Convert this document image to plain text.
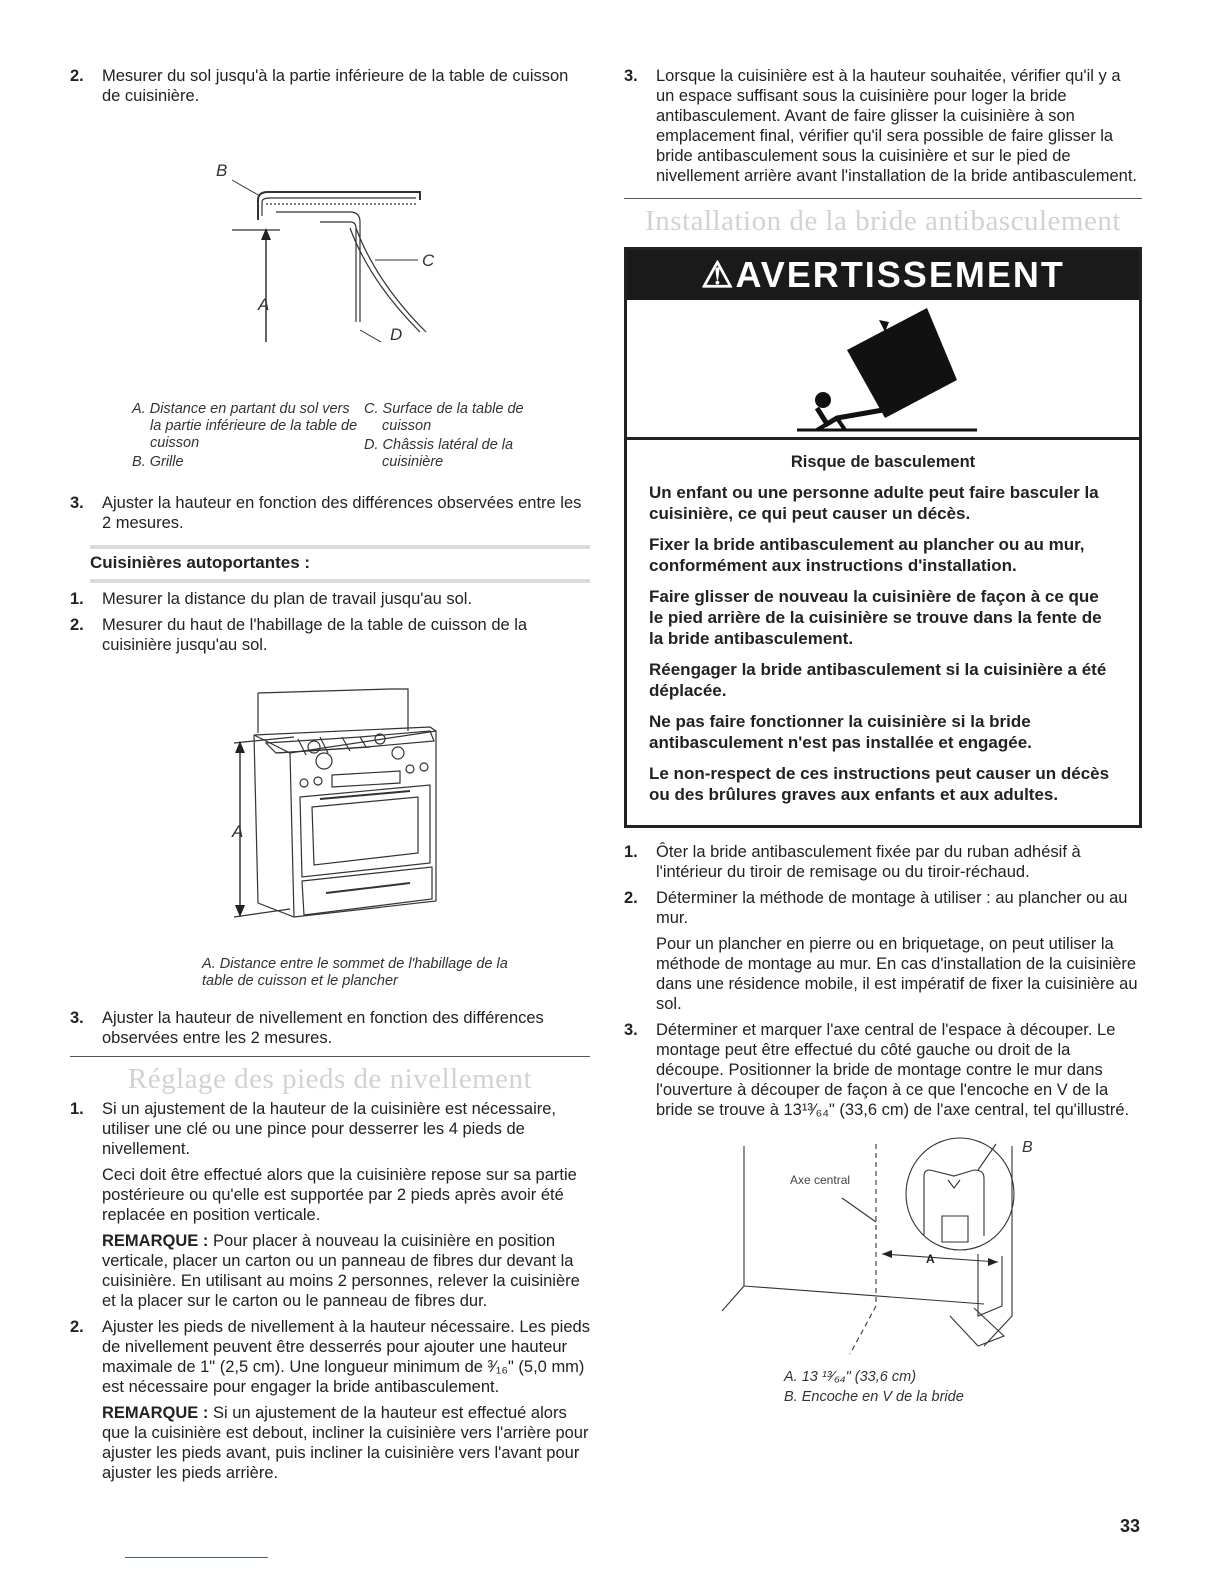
2.	Mesurer du sol jusqu'à la partie inférieure de la table de cuisson de cuisinière.
B
C
A
D
A. Distance en partant du sol vers la partie inférieure de la table de cuisson
B. Grille
C. Surface de la table de cuisson
D. Châssis latéral de la cuisinière
3.	Ajuster la hauteur en fonction des différences observées entre les 2 mesures.
Cuisinières autoportantes :
1.	Mesurer la distance du plan de travail jusqu'au sol.
2.	Mesurer du haut de l'habillage de la table de cuisson de la cuisinière jusqu'au sol.
A
A. Distance entre le sommet de l'habillage de la table de cuisson et le plancher
3.	Ajuster la hauteur de nivellement en fonction des différences observées entre les 2 mesures.
Réglage des pieds de nivellement
1.	Si un ajustement de la hauteur de la cuisinière est nécessaire, utiliser une clé ou une pince pour desserrer les 4 pieds de nivellement.
Ceci doit être effectué alors que la cuisinière repose sur sa partie postérieure ou qu'elle est supportée par 2 pieds après avoir été replacée en position verticale.
REMARQUE : Pour placer à nouveau la cuisinière en position verticale, placer un carton ou un panneau de fibres dur devant la cuisinière. En utilisant au moins 2 personnes, relever la cuisinière et la placer sur le carton ou le panneau de fibres dur.
2.	Ajuster les pieds de nivellement à la hauteur nécessaire. Les pieds de nivellement peuvent être desserrés pour ajouter une hauteur maximale de 1" (2,5 cm). Une longueur minimum de ³⁄₁₆" (5,0 mm) est nécessaire pour engager la bride antibasculement.
REMARQUE : Si un ajustement de la hauteur est effectué alors que la cuisinière est debout, incliner la cuisinière vers l'arrière pour ajuster les pieds avant, puis incliner la cuisinière vers l'avant pour ajuster les pieds arrière.
3.	Lorsque la cuisinière est à la hauteur souhaitée, vérifier qu'il y a un espace suffisant sous la cuisinière pour loger la bride antibasculement. Avant de faire glisser la cuisinière à son emplacement final, vérifier qu'il sera possible de faire glisser la bride antibasculement sous la cuisinière et sur le pied de nivellement arrière avant l'installation de la bride antibasculement.
Installation de la bride antibasculement
⚠AVERTISSEMENT
Risque de basculement

Un enfant ou une personne adulte peut faire basculer la cuisinière, ce qui peut causer un décès.

Fixer la bride antibasculement au plancher ou au mur, conformément aux instructions d'installation.

Faire glisser de nouveau la cuisinière de façon à ce que le pied arrière de la cuisinière se trouve dans la fente de la bride antibasculement.

Réengager la bride antibasculement si la cuisinière a été déplacée.

Ne pas faire fonctionner la cuisinière si la bride antibasculement n'est pas installée et engagée.

Le non-respect de ces instructions peut causer un décès ou des brûlures graves aux enfants et aux adultes.

1.	Ôter la bride antibasculement fixée par du ruban adhésif à l'intérieur du tiroir de remisage ou du tiroir-réchaud.
2.	Déterminer la méthode de montage à utiliser : au plancher ou au mur.
Pour un plancher en pierre ou en briquetage, on peut utiliser la méthode de montage au mur. En cas d'installation de la cuisinière dans une résidence mobile, il est impératif de fixer la cuisinière au sol.
3.	Déterminer et marquer l'axe central de l'espace à découper. Le montage peut être effectué du côté gauche ou droit de la découpe. Positionner la bride de montage contre le mur dans l'ouverture à découper de façon à ce que l'encoche en V de la bride se trouve à 13¹³⁄₆₄" (33,6 cm) de l'axe central, tel qu'illustré.
Axe central
A
B
A. 13 ¹³⁄₆₄" (33,6 cm)
B. Encoche en V de la bride
33
